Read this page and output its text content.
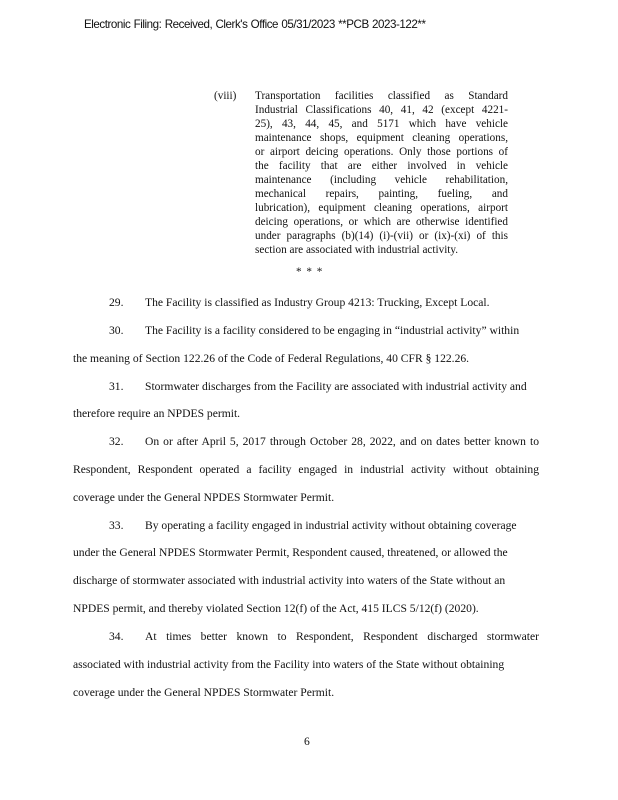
Electronic Filing: Received, Clerk's Office 05/31/2023 **PCB 2023-122**
(viii) Transportation facilities classified as Standard
Industrial Classifications 40, 41, 42 (except 4221-
25), 43, 44, 45, and 5171 which have vehicle
maintenance shops, equipment cleaning operations,
or airport deicing operations. Only those portions of
the facility that are either involved in vehicle
maintenance (including vehicle rehabilitation,
mechanical repairs, painting, fueling, and
lubrication), equipment cleaning operations, airport
deicing operations, or which are otherwise identified
under paragraphs (b)(14) (i)-(vii) or (ix)-(xi) of this
section are associated with industrial activity.
* * *
29. The Facility is classified as Industry Group 4213: Trucking, Except Local.
30. The Facility is a facility considered to be engaging in “industrial activity” within
the meaning of Section 122.26 of the Code of Federal Regulations, 40 CFR § 122.26.
31. Stormwater discharges from the Facility are associated with industrial activity and
therefore require an NPDES permit.
32. On or after April 5, 2017 through October 28, 2022, and on dates better known to
Respondent, Respondent operated a facility engaged in industrial activity without obtaining
coverage under the General NPDES Stormwater Permit.
33. By operating a facility engaged in industrial activity without obtaining coverage
under the General NPDES Stormwater Permit, Respondent caused, threatened, or allowed the
discharge of stormwater associated with industrial activity into waters of the State without an
NPDES permit, and thereby violated Section 12(f) of the Act, 415 ILCS 5/12(f) (2020).
34. At times better known to Respondent, Respondent discharged stormwater
associated with industrial activity from the Facility into waters of the State without obtaining
coverage under the General NPDES Stormwater Permit.
6
